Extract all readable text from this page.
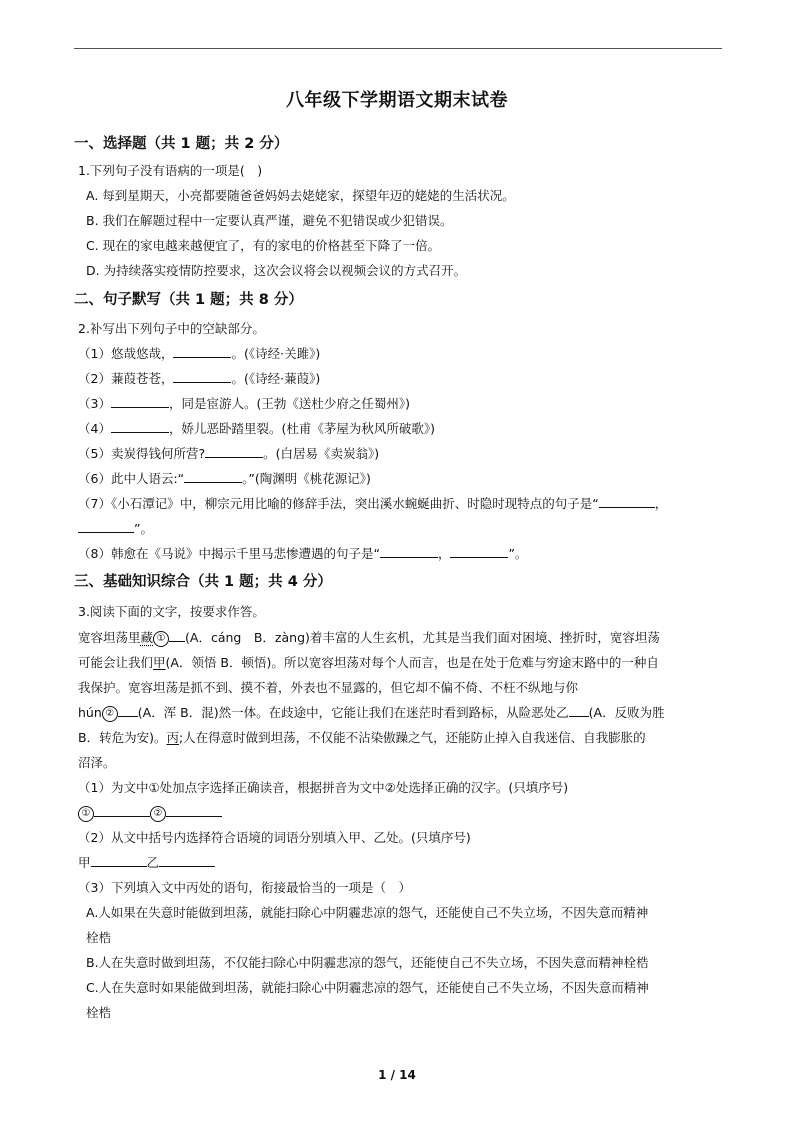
八年级下学期语文期末试卷
一、选择题（共 1 题；共 2 分）
1.下列句子没有语病的一项是(　)
A. 每到星期天，小亮都要随爸爸妈妈去姥姥家，探望年迈的姥姥的生活状况。
B. 我们在解题过程中一定要认真严谨，避免不犯错误或少犯错误。
C. 现在的家电越来越便宜了，有的家电的价格甚至下降了一倍。
D. 为持续落实疫情防控要求，这次会议将会以视频会议的方式召开。
二、句子默写（共 1 题；共 8 分）
2.补写出下列句子中的空缺部分。
（1）悠哉悠哉，	。(《诗经·关雎》)
（2）蒹葭苍苍，	。(《诗经·蒹葭》)
（3）	，同是宦游人。(王勃《送杜少府之任蜀州》)
（4）	，娇儿恶卧踏里裂。(杜甫《茅屋为秋风所破歌》)
（5）卖炭得钱何所营?	。(白居易《卖炭翁》)
（6）此中人语云:“	。”(陶渊明《桃花源记》)
（7）《小石潭记》中，柳宗元用比喻的修辞手法，突出溪水蜿蜒曲折、时隐时现特点的句子是“	，
”。
（8）韩愈在《马说》中揭示千里马悲惨遭遇的句子是“	，	”。
三、基础知识综合（共 1 题；共 4 分）
3.阅读下面的文字，按要求作答。
宽容坦荡里藏 ① (A．cáng　B．zàng)着丰富的人生玄机，尤其是当我们面对困境、挫折时，宽容坦荡
可能会让我们甲(A．领悟 B．顿悟)。所以宽容坦荡对每个人而言，也是在处于危难与穷途末路中的一种自
我保护。宽容坦荡是抓不到、摸不着，外表也不显露的，但它却不偏不倚、不枉不纵地与你
hún ② (A．浑 B．混)然一体。在歧途中，它能让我们在迷茫时看到路标，从险恶处乙 (A．反败为胜
B．转危为安)。丙;人在得意时做到坦荡，不仅能不沾染傲躁之气，还能防止掉入自我迷信、自我膨胀的
沼泽。
（1）为文中①处加点字选择正确读音，根据拼音为文中②处选择正确的汉字。(只填序号)
①	②
（2）从文中括号内选择符合语境的词语分别填入甲、乙处。(只填序号)
甲	乙
（3）下列填入文中丙处的语句，衔接最恰当的一项是（　）
A.人如果在失意时能做到坦荡，就能扫除心中阴霾悲凉的怨气，还能使自己不失立场，不因失意而精神
栓梏
B.人在失意时做到坦荡，不仅能扫除心中阴霾悲凉的怨气，还能使自己不失立场，不因失意而精神栓梏
C.人在失意时如果能做到坦荡，就能扫除心中阴霾悲凉的怨气，还能使自己不失立场，不因失意而精神
栓梏
1 / 14
